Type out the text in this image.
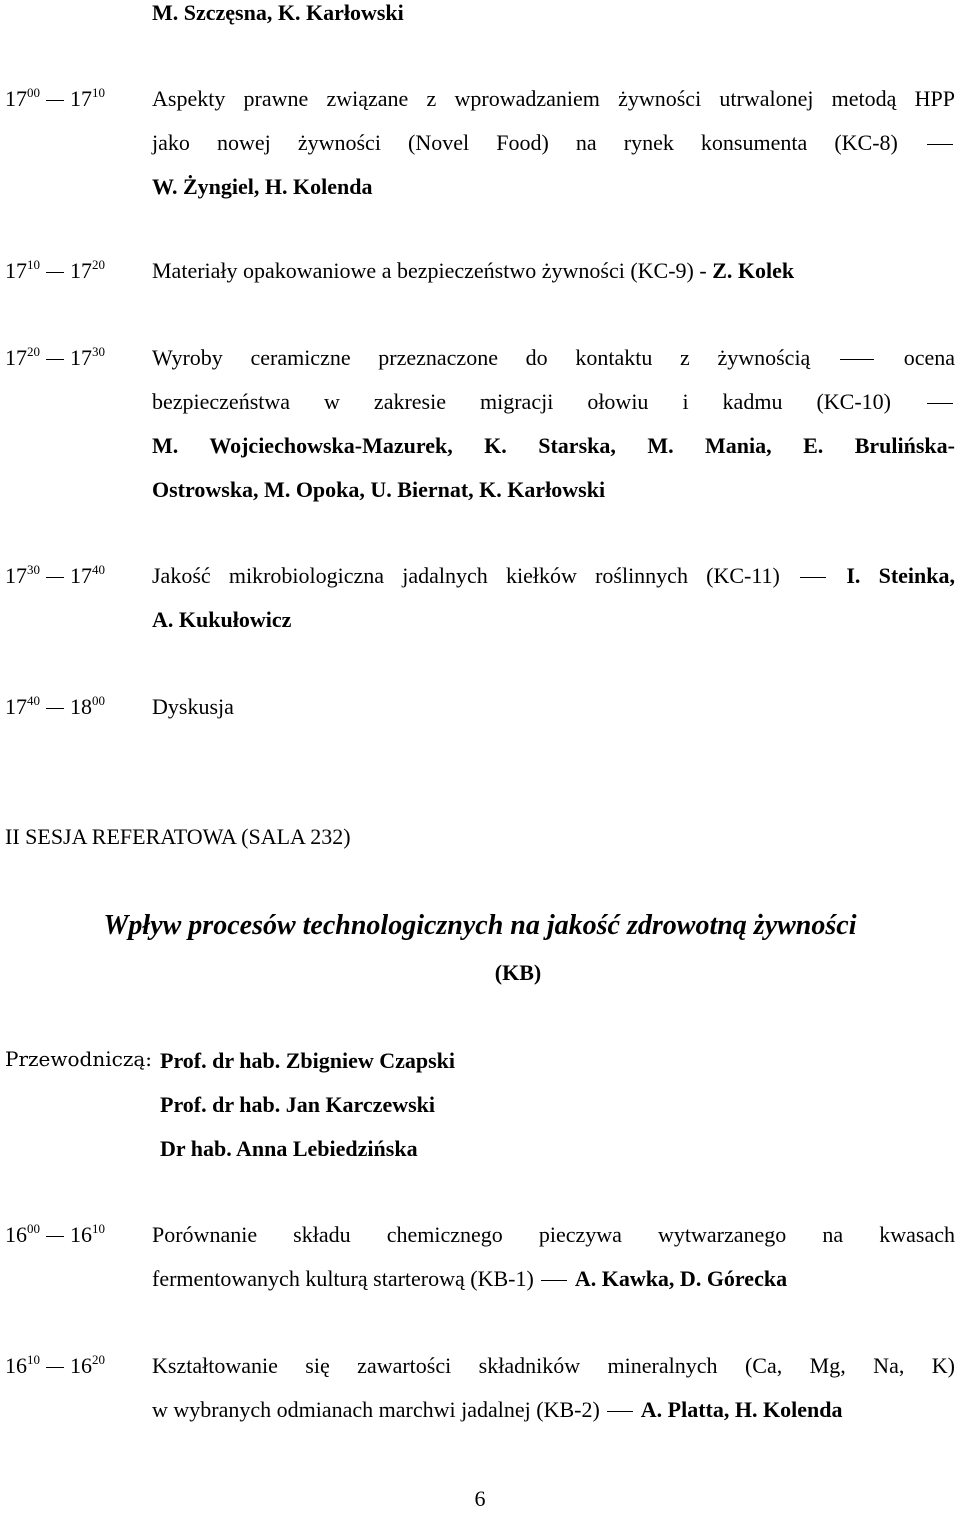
M. Szczęsna, K. Karłowski
$17^{00}$ $17^{10}$ Aspekty prawne związane z wprowadzaniem żywności utrwalonej metodą HPP
jako nowej żywności (Novel Food) na rynek konsumenta (KC-8)
W. Żyngiel, H. Kolenda
$17^{10}$ $17^{20}$ Materiały opakowaniowe a bezpieczeństwo żywności (KC-9) - Z. Kolek
$17^{20}$ $17^{30}$ Wyroby ceramiczne przeznaczone do kontaktu z żywnością	ocena
bezpieczeństwa w zakresie migracji ołowiu i kadmu (KC-10)
M. Wojciechowska-Mazurek, K. Starska, M. Mania, E. Brulińska-
Ostrowska, M. Opoka, U. Biernat, K. Karłowski
$17^{30}$ $17^{40}$ Jakość mikrobiologiczna jadalnych kiełków roślinnych (KC-11)	I. Steinka,
A. Kukułowicz
$17^{40}$ $18^{00}$ Dyskusja
II SESJA REFERATOWA (SALA 232)
Wpływ procesów technologicznych na jakość zdrowotną żywności
(KB)
Przewodniczą: Prof. dr hab. Zbigniew Czapski
Prof. dr hab. Jan Karczewski
Dr hab. Anna Lebiedzińska
$16^{00}$ $16^{10}$ Porównanie składu chemicznego pieczywa wytwarzanego na kwasach
fermentowanych kulturą starterową (KB-1) A. Kawka, D. Górecka
$16^{10}$ $16^{20}$ Kształtowanie się zawartości składników mineralnych (Ca, Mg, Na, K)
w wybranych odmianach marchwi jadalnej (KB-2) A. Platta, H. Kolenda
6
